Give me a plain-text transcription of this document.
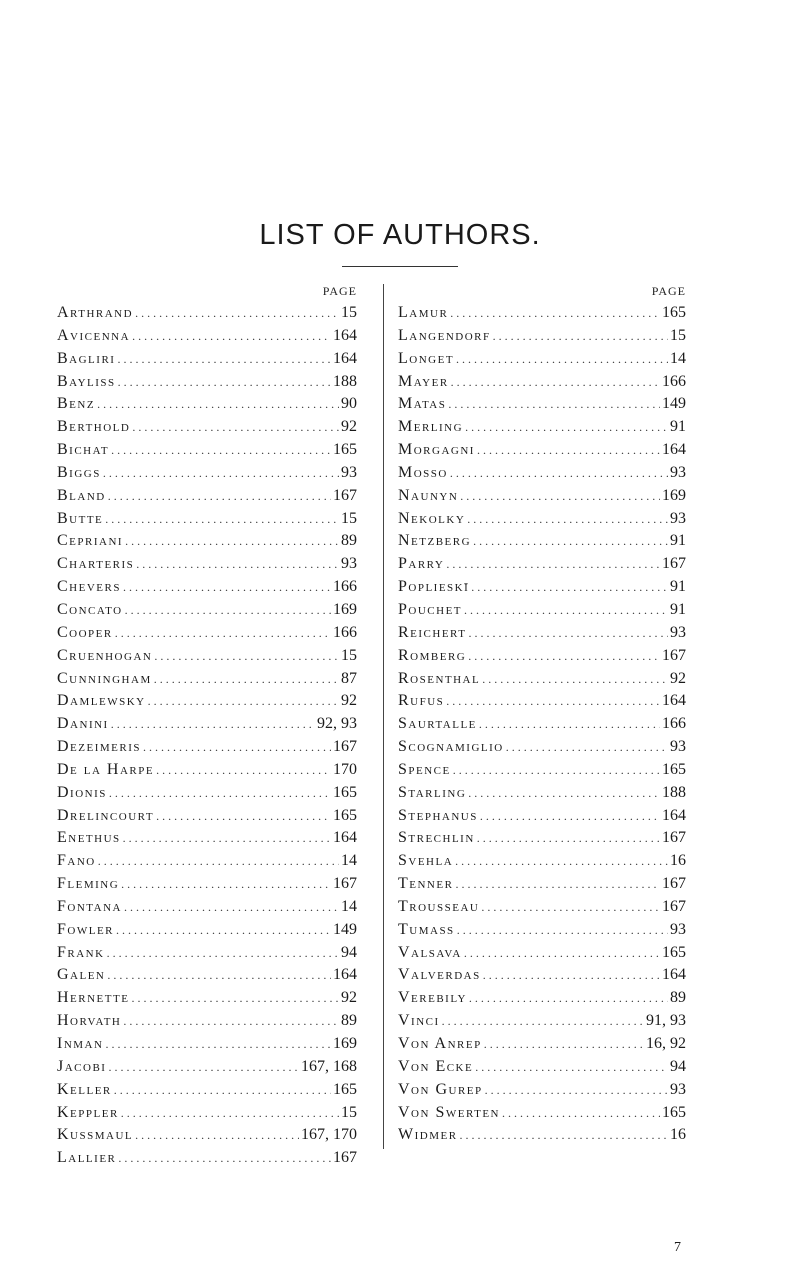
LIST OF AUTHORS.
PAGE
Arthrand .....	15
Avicenna .....	164
Bagliri .....	164
Bayliss .....	188
Benz .....	90
Berthold .....	92
Bichat .....	165
Biggs .....	93
Bland .....	167
Butte .....	15
Cepriani .....	89
Charteris .....	93
Chevers .....	166
Concato .....	169
Cooper .....	166
Cruenhogan .....	15
Cunningham .....	87
Damlewsky .....	92
Danini .....	92, 93
Dezeimeris .....	167
De la Harpe .....	170
Dionis .....	165
Drelincourt .....	165
Enethus .....	164
Fano .....	14
Fleming .....	167
Fontana .....	14
Fowler .....	149
Frank .....	94
Galen .....	164
Hernette .....	92
Horvath .....	89
Inman .....	169
Jacobi .....	167, 168
Keller .....	165
Keppler .....	15
Kussmaul .....	167, 170
Lallier .....	167
PAGE
Lamur .....	165
Langendorf .....	15
Longet .....	14
Mayer .....	166
Matas .....	149
Merling .....	91
Morgagni .....	164
Mosso .....	93
Naunyn .....	169
Nekolky .....	93
Netzberg .....	91
Parry .....	167
Poplieskī .....	91
Pouchet .....	91
Reichert .....	93
Romberg .....	167
Rosenthal .....	92
Rufus .....	164
Saurtalle .....	166
Scognamiglio .....	93
Spence .....	165
Starling .....	188
Stephanus .....	164
Strechlin .....	167
Svehla .....	16
Tenner .....	167
Trousseau .....	167
Tumass .....	93
Valsava .....	165
Valverdas .....	164
Verebily .....	89
Vinci .....	91, 93
Von Anrep .....	16, 92
Von Ecke .....	94
Von Gurep .....	93
Von Swerten .....	165
Widmer .....	16
7
